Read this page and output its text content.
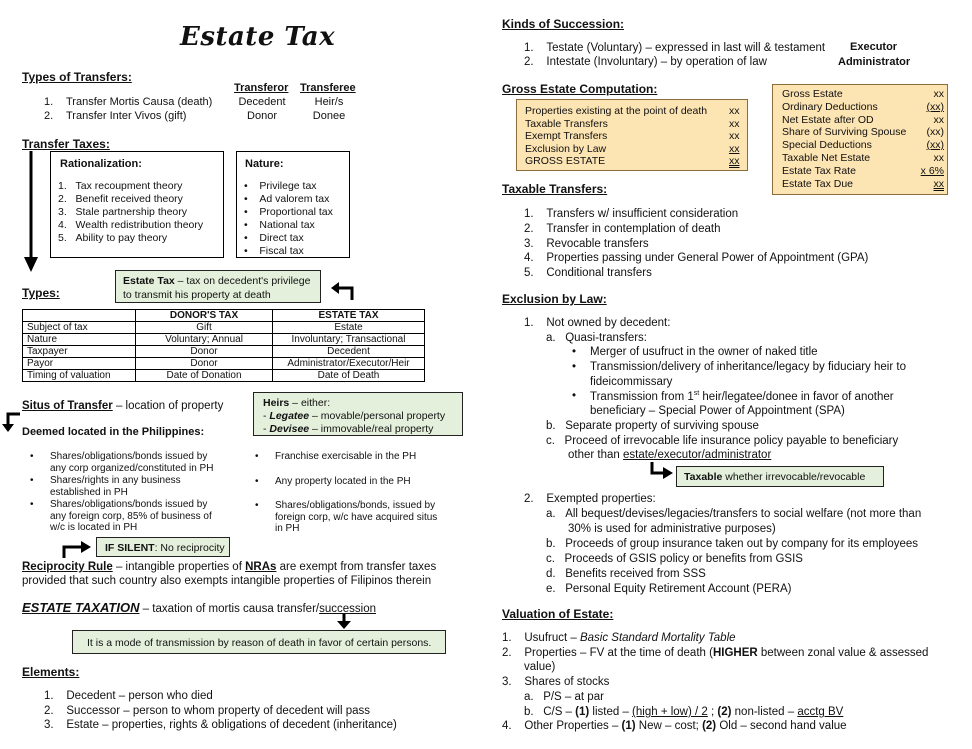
Estate Tax
Types of Transfers:
Transferor Transferee
1. Transfer Mortis Causa (death)	Decedent	Heir/s
2. Transfer Inter Vivos (gift)	Donor	Donee
Transfer Taxes:
Rationalization:
1.   Tax recoupment theory
2.   Benefit received theory
3.   Stale partnership theory
4.   Wealth redistribution theory
5.   Ability to pay theory
Nature:
•    Privilege tax
•    Ad valorem tax
•    Proportional tax
•    National tax
•    Direct tax
•    Fiscal tax
Estate Tax – tax on decedent's privilege
to transmit his property at death
Types:
	DONOR'S TAX	ESTATE TAX
Subject of tax	Gift	Estate
Nature	Voluntary; Annual	Involuntary; Transactional
Taxpayer	Donor	Decedent
Payor	Donor	Administrator/Executor/Heir
Timing of valuation	Date of Donation	Date of Death
Situs of Transfer – location of property
Deemed located in the Philippines:
Heirs – either:
- Legatee – movable/personal property
- Devisee – immovable/real property
• Shares/obligations/bonds issued by
any corp organized/constituted in PH
• Shares/rights in any business
established in PH
• Shares/obligations/bonds issued by
any foreign corp, 85% of business of
w/c is located in PH
• Franchise exercisable in the PH
• Any property located in the PH
• Shares/obligations/bonds, issued by
foreign corp, w/c have acquired situs
in PH
IF SILENT: No reciprocity
Reciprocity Rule – intangible properties of NRAs are exempt from transfer taxes
provided that such country also exempts intangible properties of Filipinos therein
ESTATE TAXATION – taxation of mortis causa transfer/succession
It is a mode of transmission by reason of death in favor of certain persons.
Elements:
1. Decedent – person who died
2. Successor – person to whom property of decedent will pass
3. Estate – properties, rights & obligations of decedent (inheritance)
Kinds of Succession:
1. Testate (Voluntary) – expressed in last will & testament Executor
2. Intestate (Involuntary) – by operation of law	Administrator
Gross Estate Computation:
Properties existing at the point of death xx
Taxable Transfers	xx
Exempt Transfers	xx
Exclusion by Law	xx
GROSS ESTATE	xx
Gross Estate	xx
Ordinary Deductions	(xx)
Net Estate after OD	xx
Share of Surviving Spouse (xx)
Special Deductions	(xx)
Taxable Net Estate	xx
Estate Tax Rate	x 6%
Estate Tax Due	xx
Taxable Transfers:
1. Transfers w/ insufficient consideration
2. Transfer in contemplation of death
3. Revocable transfers
4. Properties passing under General Power of Appointment (GPA)
5. Conditional transfers
Exclusion by Law:
1. Not owned by decedent:
a. Quasi-transfers:
• Merger of usufruct in the owner of naked title
• Transmission/delivery of inheritance/legacy by fiduciary heir to
fideicommissary
• Transmission from 1st heir/legatee/donee in favor of another
beneficiary – Special Power of Appointment (SPA)
b. Separate property of surviving spouse
c. Proceed of irrevocable life insurance policy payable to beneficiary
other than estate/executor/administrator
Taxable whether irrevocable/revocable
2. Exempted properties:
a. All bequest/devises/legacies/transfers to social welfare (not more than
30% is used for administrative purposes)
b. Proceeds of group insurance taken out by company for its employees
c. Proceeds of GSIS policy or benefits from GSIS
d. Benefits received from SSS
e. Personal Equity Retirement Account (PERA)
Valuation of Estate:
1. Usufruct – Basic Standard Mortality Table
2. Properties – FV at the time of death (HIGHER between zonal value & assessed
value)
3. Shares of stocks
a. P/S – at par
b. C/S – (1) listed – (high + low) / 2 ; (2) non-listed – acctg BV
4. Other Properties – (1) New – cost; (2) Old – second hand value
